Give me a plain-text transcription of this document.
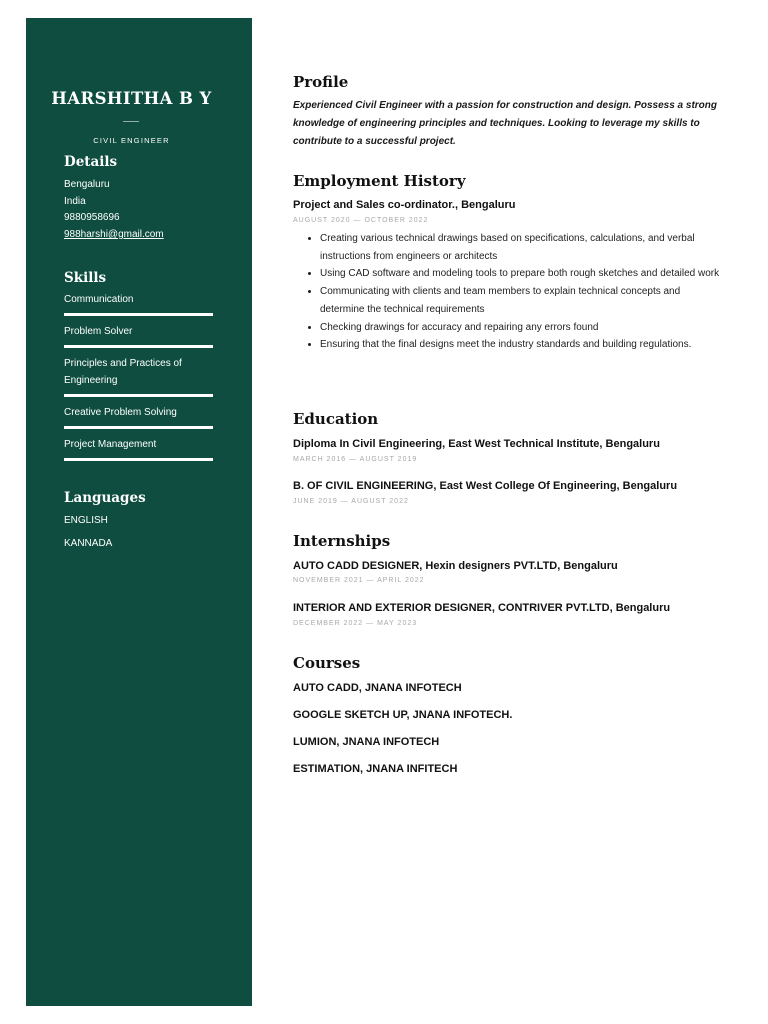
HARSHITHA B Y
CIVIL ENGINEER
Details
Bengaluru
India
9880958696
988harshi@gmail.com
Skills
Communication
Problem Solver
Principles and Practices of Engineering
Creative Problem Solving
Project Management
Languages
ENGLISH
KANNADA
Profile
Experienced Civil Engineer with a passion for construction and design. Possess a strong knowledge of engineering principles and techniques. Looking to leverage my skills to contribute to a successful project.
Employment History
Project and Sales co-ordinator., Bengaluru
AUGUST 2020 — OCTOBER 2022
• Creating various technical drawings based on specifications, calculations, and verbal instructions from engineers or architects
• Using CAD software and modeling tools to prepare both rough sketches and detailed work
• Communicating with clients and team members to explain technical concepts and determine the technical requirements
• Checking drawings for accuracy and repairing any errors found
• Ensuring that the final designs meet the industry standards and building regulations.
Education
Diploma In Civil Engineering, East West Technical Institute, Bengaluru
MARCH 2016 — AUGUST 2019
B. OF CIVIL ENGINEERING, East West College Of Engineering, Bengaluru
JUNE 2019 — AUGUST 2022
Internships
AUTO CADD DESIGNER, Hexin designers PVT.LTD, Bengaluru
NOVEMBER 2021 — APRIL 2022
INTERIOR AND EXTERIOR DESIGNER, CONTRIVER PVT.LTD, Bengaluru
DECEMBER 2022 — MAY 2023
Courses
AUTO CADD, JNANA INFOTECH
GOOGLE SKETCH UP, JNANA INFOTECH.
LUMION, JNANA INFOTECH
ESTIMATION, JNANA INFITECH
